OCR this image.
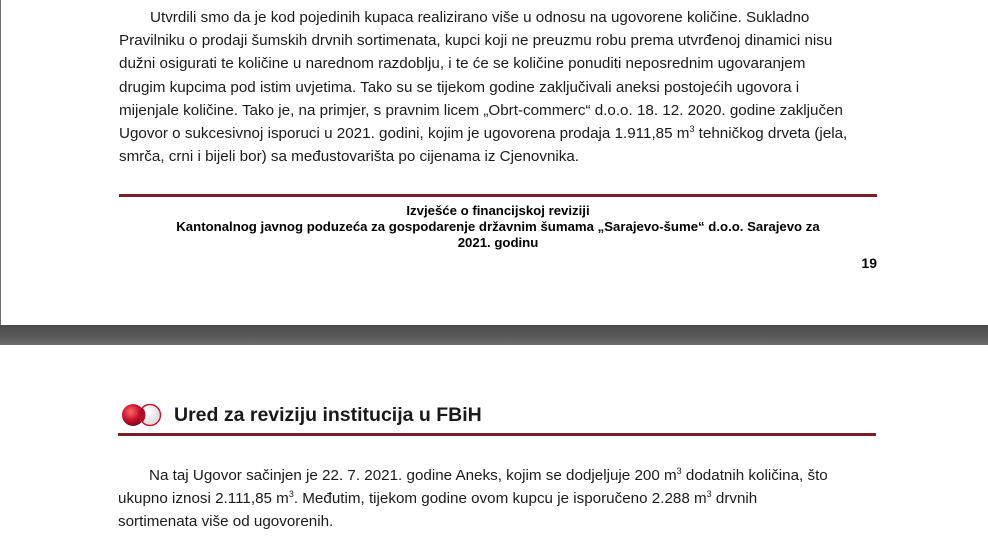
Utvrdili smo da je kod pojedinih kupaca realizirano više u odnosu na ugovorene količine. Sukladno

Pravilniku o prodaji šumskih drvnih sortimenata, kupci koji ne preuzmu robu prema utvrđenoj dinamici nisu

dužni osigurati te količine u narednom razdoblju, i te će se količine ponuditi neposrednim ugovaranjem

drugim kupcima pod istim uvjetima. Tako su se tijekom godine zaključivali aneksi postojećih ugovora i

mijenjale količine. Tako je, na primjer, s pravnim licem „Obrt-commerc“ d.o.o. 18. 12. 2020. godine zaključen

Ugovor o sukcesivnoj isporuci u 2021. godini, kojim je ugovorena prodaja 1.911,85 $m^3$ tehničkog drveta (jela,

smrča, crni i bijeli bor) sa međustovarišta po cijenama iz Cjenovnika.

Izvješće o financijskoj reviziji
Kantonalnog javnog poduzeća za gospodarenje državnim šumama „Sarajevo-šume“ d.o.o. Sarajevo za
2021. godinu
19
Ured za reviziju institucija u FBiH

Na taj Ugovor sačinjen je 22. 7. 2021. godine Aneks, kojim se dodjeljuje 200 $m^3$ dodatnih količina, što

ukupno iznosi 2.111,85 $m^3$. Međutim, tijekom godine ovom kupcu je isporučeno 2.288 $m^3$ drvnih

sortimenata više od ugovorenih.
